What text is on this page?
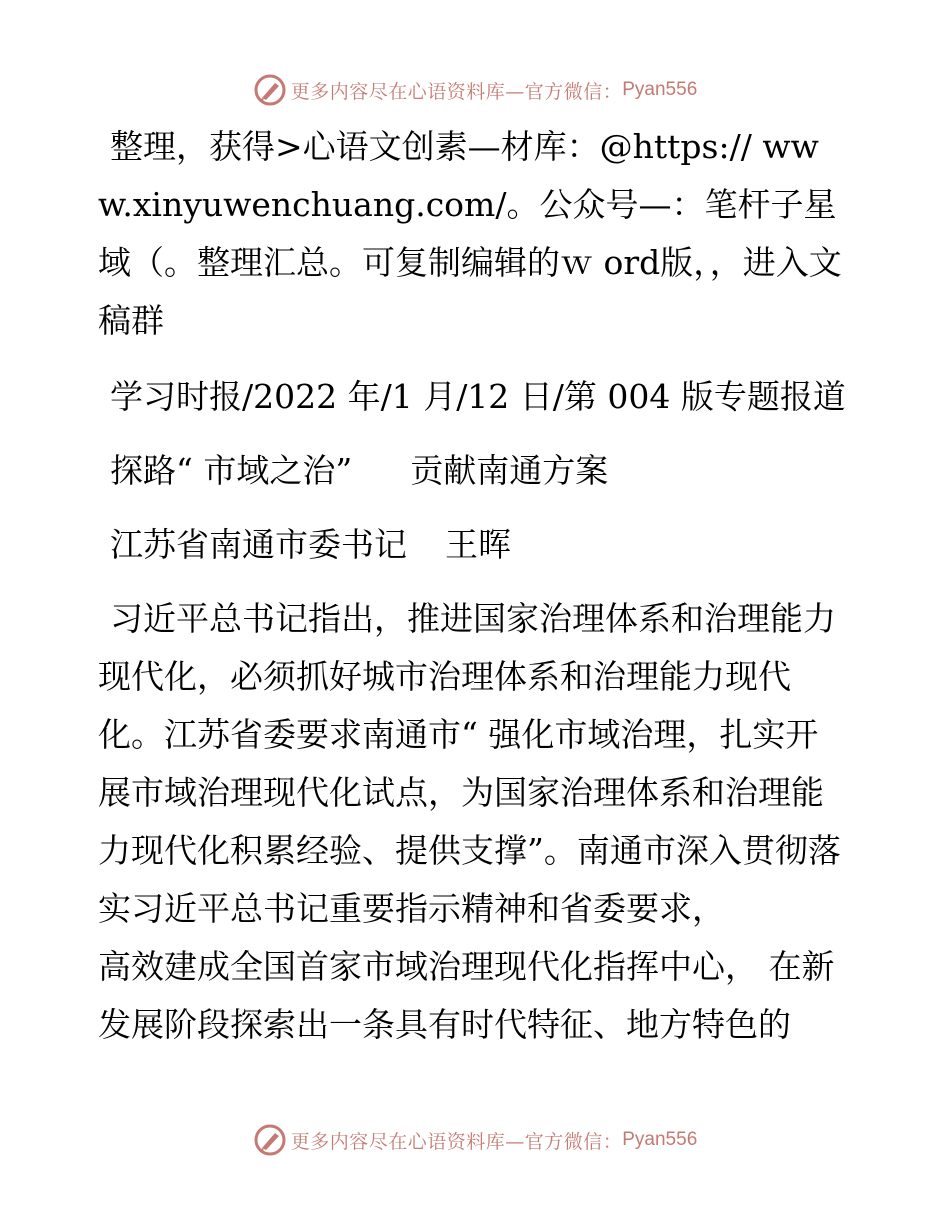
更多内容尽在心语资料库—官方微信： Pyan556

整理，获得>心语文创素—材库：@https:// www.xinyuwenchuang.com/。公众号—：笔杆子星域（。整理汇总。可复制编辑的ｗ ord版，，进入文稿群

学习时报/2022 年/1 月/12 日/第 004 版专题报道

探路“ 市域之治” 贡献南通方案

江苏省南通市委书记 王晖

习近平总书记指出，推进国家治理体系和治理能力现代化，必须抓好城市治理体系和治理能力现代化。江苏省委要求南通市“ 强化市域治理，扎实开展市域治理现代化试点，为国家治理体系和治理能力现代化积累经验、提供支撑”。南通市深入贯彻落实习近平总书记重要指示精神和省委要求，
高效建成全国首家市域治理现代化指挥中心， 在新发展阶段探索出一条具有时代特征、地方特色的

更多内容尽在心语资料库—官方微信： Pyan556
